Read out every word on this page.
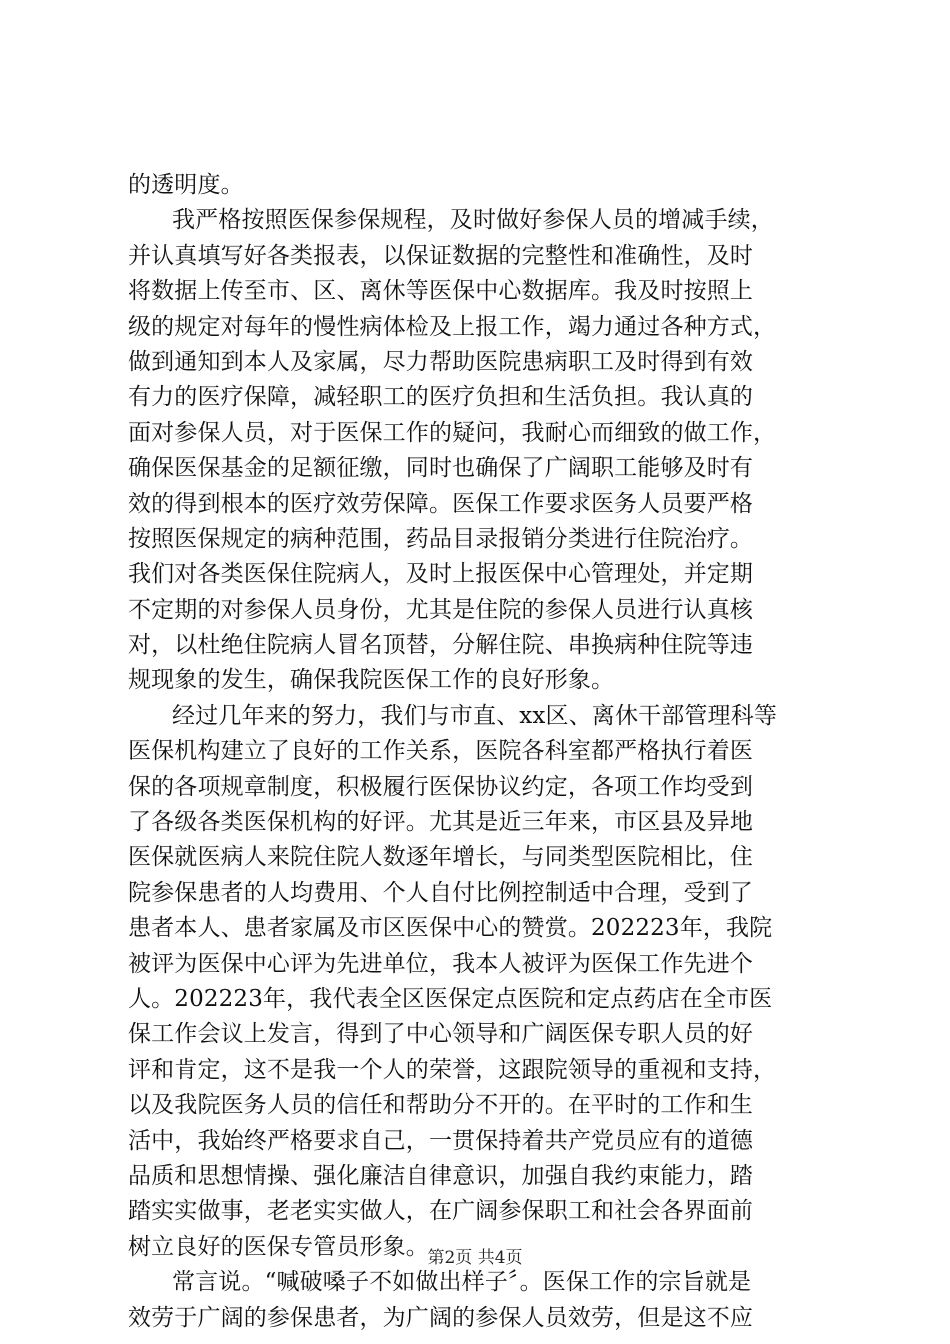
的透明度。
我严格按照医保参保规程，及时做好参保人员的增减手续，
并认真填写好各类报表，以保证数据的完整性和准确性，及时
将数据上传至市、区、离休等医保中心数据库。我及时按照上
级的规定对每年的慢性病体检及上报工作，竭力通过各种方式，
做到通知到本人及家属，尽力帮助医院患病职工及时得到有效
有力的医疗保障，减轻职工的医疗负担和生活负担。我认真的
面对参保人员，对于医保工作的疑问，我耐心而细致的做工作，
确保医保基金的足额征缴，同时也确保了广阔职工能够及时有
效的得到根本的医疗效劳保障。医保工作要求医务人员要严格
按照医保规定的病种范围，药品目录报销分类进行住院治疗。
我们对各类医保住院病人，及时上报医保中心管理处，并定期
不定期的对参保人员身份，尤其是住院的参保人员进行认真核
对，以杜绝住院病人冒名顶替，分解住院、串换病种住院等违
规现象的发生，确保我院医保工作的良好形象。
经过几年来的努力，我们与市直、xx区、离休干部管理科等
医保机构建立了良好的工作关系，医院各科室都严格执行着医
保的各项规章制度，积极履行医保协议约定，各项工作均受到
了各级各类医保机构的好评。尤其是近三年来，市区县及异地
医保就医病人来院住院人数逐年增长，与同类型医院相比，住
院参保患者的人均费用、个人自付比例控制适中合理，受到了
患者本人、患者家属及市区医保中心的赞赏。202223年，我院
被评为医保中心评为先进单位，我本人被评为医保工作先进个
人。202223年，我代表全区医保定点医院和定点药店在全市医
保工作会议上发言，得到了中心领导和广阔医保专职人员的好
评和肯定，这不是我一个人的荣誉，这跟院领导的重视和支持，
以及我院医务人员的信任和帮助分不开的。在平时的工作和生
活中，我始终严格要求自己，一贯保持着共产党员应有的道德
品质和思想情操、强化廉洁自律意识，加强自我约束能力，踏
踏实实做事，老老实实做人，在广阔参保职工和社会各界面前
树立良好的医保专管员形象。
常言说。“喊破嗓子不如做出样子〞。医保工作的宗旨就是
效劳于广阔的参保患者，为广阔的参保人员效劳，但是这不应
第2页 共4页
